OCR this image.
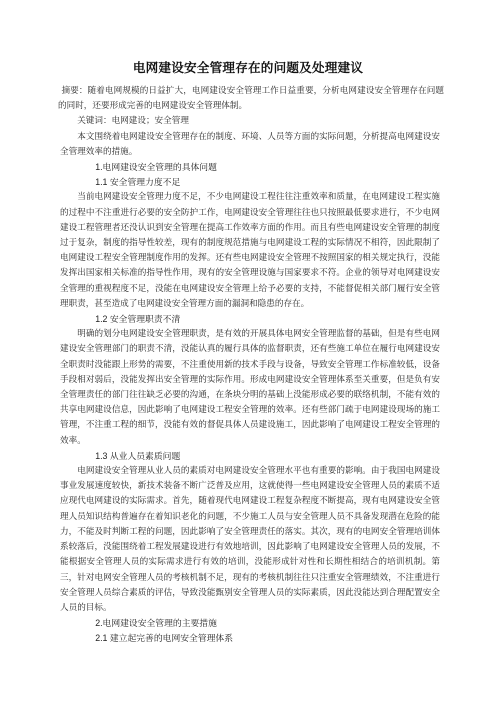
电网建设安全管理存在的问题及处理建议

摘要：随着电网规模的日益扩大，电网建设安全管理工作日益重要，分析电网建设安全管理存在问题的同时，还要形成完善的电网建设安全管理体制。

关键词：电网建设；安全管理

本文围绕着电网建设安全管理存在的制度、环境、人员等方面的实际问题，分析提高电网建设安全管理效率的措施。

1.电网建设安全管理的具体问题

1.1 安全管理力度不足

当前电网建设安全管理力度不足，不少电网建设工程往往注重效率和质量，在电网建设工程实施的过程中不注重进行必要的安全防护工作，电网建设安全管理往往也只按照最低要求进行，不少电网建设工程管理者还没认识到安全管理在提高工作效率方面的作用。而且有些电网建设安全管理的制度过于复杂，制度的指导性较差，现有的制度规范措施与电网建设工程的实际情况不相符，因此限制了电网建设工程安全管理制度作用的发挥。还有些电网建设安全管理不按照国家的相关规定执行，没能发挥出国家相关标准的指导性作用，现有的安全管理设施与国家要求不符。企业的领导对电网建设安全管理的重视程度不足，没能在电网建设安全管理上给予必要的支持，不能督促相关部门履行安全管理职责，甚至造成了电网建设安全管理方面的漏洞和隐患的存在。

1.2 安全管理职责不清

明确的划分电网建设安全管理职责，是有效的开展具体电网安全管理监督的基础，但是有些电网建设安全管理部门的职责不清，没能认真的履行具体的监督职责，还有些施工单位在履行电网建设安全职责时没能跟上形势的需要，不注重使用新的技术手段与设备，导致安全管理工作标准较低，设备手段相对弱后，没能发挥出安全管理的实际作用。形成电网建设安全管理体系至关重要，但是负有安全管理责任的部门往往缺乏必要的沟通，在条块分明的基础上没能形成必要的联络机制，不能有效的共享电网建设信息，因此影响了电网建设工程安全管理的效率。还有些部门疏于电网建设现场的施工管理，不注重工程的细节，没能有效的督促具体人员建设施工，因此影响了电网建设工程安全管理的效率。

1.3 从业人员素质问题

电网建设安全管理从业人员的素质对电网建设安全管理水平也有重要的影响。由于我国电网建设事业发展速度较快，新技术装备不断广泛普及应用，这就使得一些电网建设安全管理人员的素质不适应现代电网建设的实际需求。首先，随着现代电网建设工程复杂程度不断提高，现有电网建设安全管理人员知识结构普遍存在着知识老化的问题，不少施工人员与安全管理人员不具备发现潜在危险的能力，不能及时判断工程的问题，因此影响了安全管理责任的落实。其次，现有的电网安全管理培训体系较落后，没能围绕着工程发展建设进行有效地培训，因此影响了电网建设安全管理人员的发展，不能根据安全管理人员的实际需求进行有效的培训，没能形成针对性和长期性相结合的培训机制。第三，针对电网安全管理人员的考核机制不足，现有的考核机制往往只注重安全管理绩效，不注重进行安全管理人员综合素质的评估，导致没能甄别安全管理人员的实际素质，因此没能达到合理配置安全人员的目标。

2.电网建设安全管理的主要措施

2.1 建立起完善的电网安全管理体系
